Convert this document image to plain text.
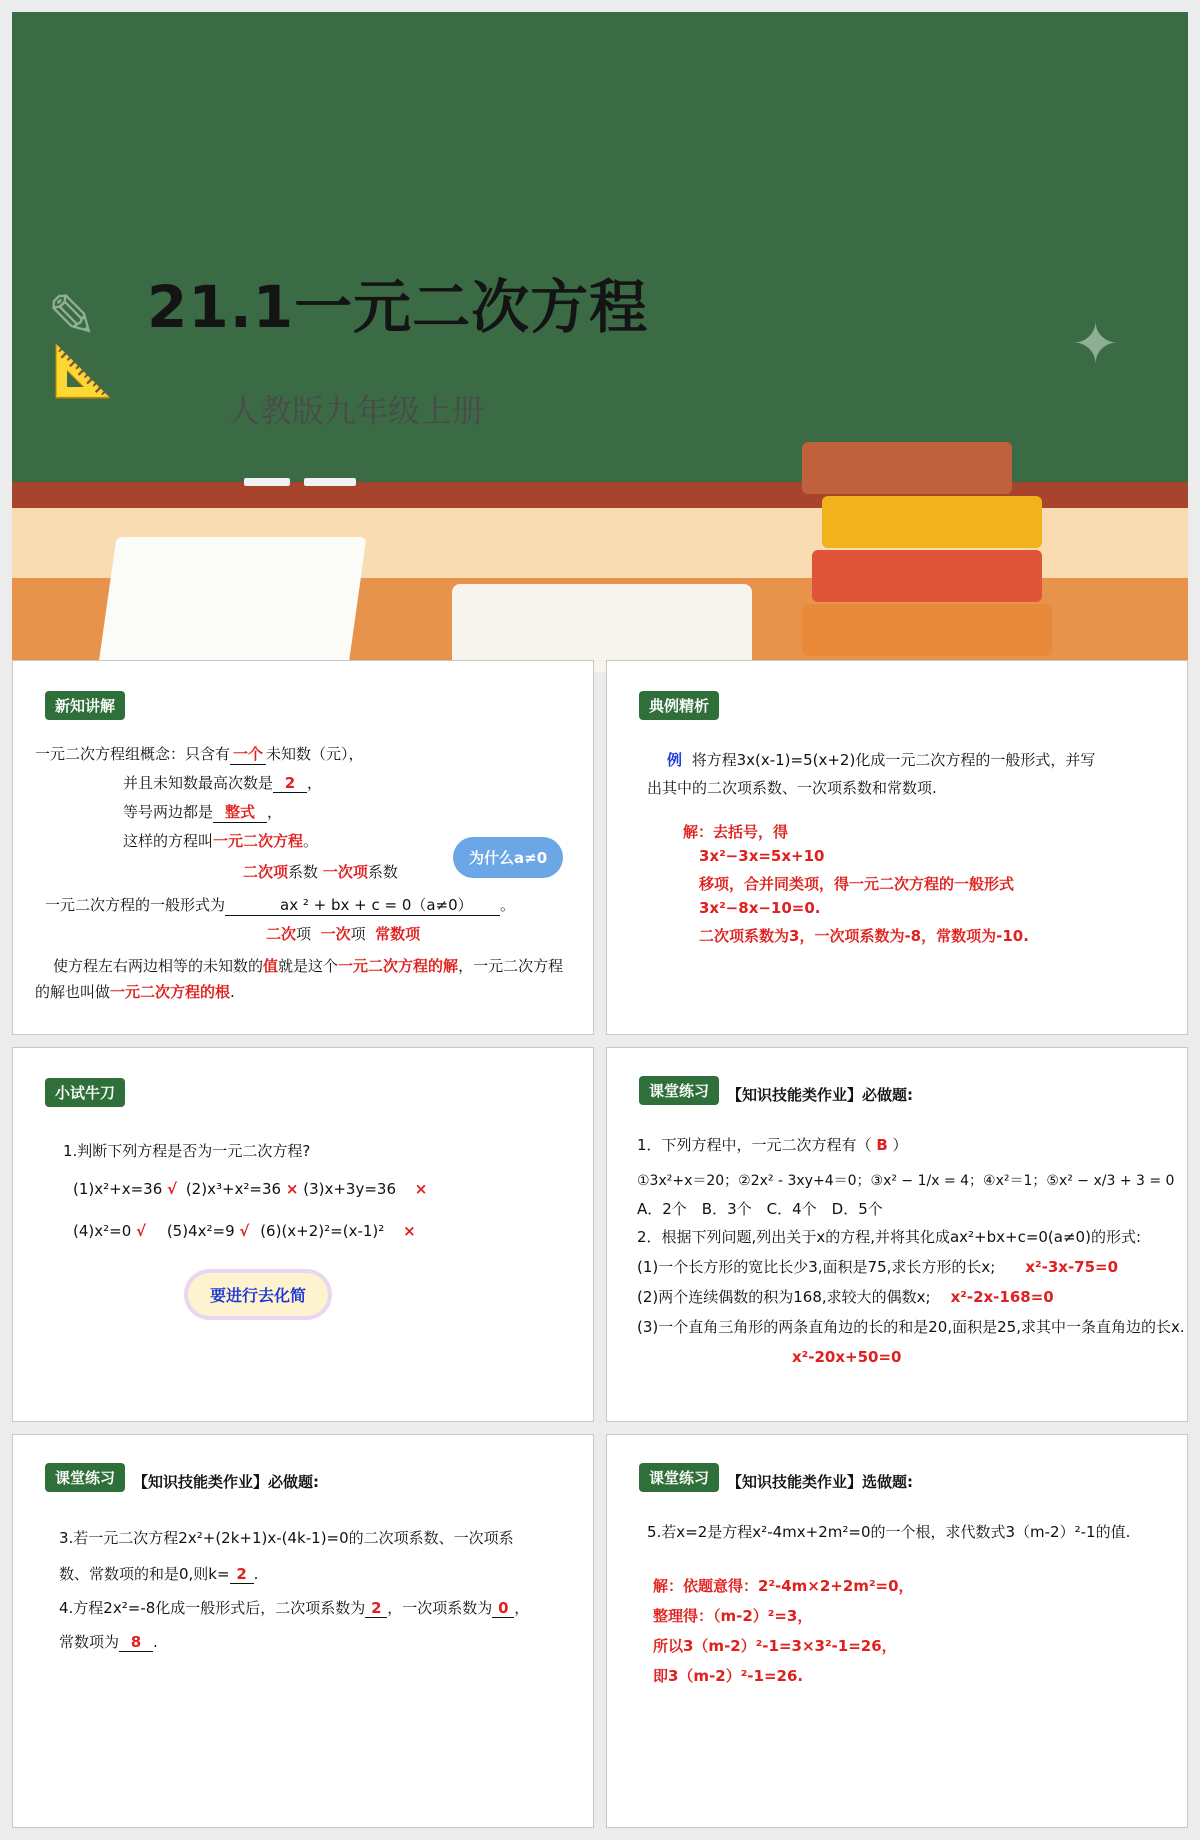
✎
📐	✦
21.1一元二次方程
人教版九年级上册
新知讲解
一元二次方程组概念：只含有 一个 未知数（元），
并且未知数最高次数是 2 ，
等号两边都是 整式 ，
这样的方程叫一元二次方程。
为什么a≠0
二次项系数 一次项系数
一元二次方程的一般形式为	ax ² + bx + c = 0（a≠0） 。
二次项 一次项 常数项
使方程左右两边相等的未知数的值就是这个一元二次方程的解，一元二次方程
的解也叫做一元二次方程的根.
典例精析
例 将方程3x(x-1)=5(x+2)化成一元二次方程的一般形式，并写
出其中的二次项系数、一次项系数和常数项.
解：去括号，得
3x²−3x=5x+10
移项，合并同类项，得一元二次方程的一般形式
3x²−8x−10=0.
二次项系数为3，一次项系数为-8，常数项为-10.
小试牛刀
1.判断下列方程是否为一元二次方程?
(1)x²+x=36 √ (2)x³+x²=36 × (3)x+3y=36 ×
(4)x²=0 √ (5)4x²=9 √ (6)(x+2)²=(x-1)² ×
要进行去化简
课堂练习	【知识技能类作业】必做题:
1．下列方程中，一元二次方程有（ B ）
①3x²+x＝20；②2x² - 3xy+4＝0；③x² − 1/x = 4；④x²＝1；⑤x² − x/3 + 3 = 0
A．2个　B．3个　C．4个　D．5个
2．根据下列问题,列出关于x的方程,并将其化成ax²+bx+c=0(a≠0)的形式:
(1)一个长方形的宽比长少3,面积是75,求长方形的长x; x²-3x-75=0
(2)两个连续偶数的积为168,求较大的偶数x; x²-2x-168=0
(3)一个直角三角形的两条直角边的长的和是20,面积是25,求其中一条直角边的长x.
x²-20x+50=0
课堂练习	【知识技能类作业】必做题:
3.若一元二次方程2x²+(2k+1)x-(4k-1)=0的二次项系数、一次项系
数、常数项的和是0,则k= 2 .
4.方程2x²=-8化成一般形式后，二次项系数为 2 ，一次项系数为 0 ，
常数项为 8 .
课堂练习	【知识技能类作业】选做题:
5.若x=2是方程x²-4mx+2m²=0的一个根，求代数式3（m-2）²-1的值.
解：依题意得：2²-4m×2+2m²=0，
整理得：（m-2）²=3，
所以3（m-2）²-1=3×3²-1=26，
即3（m-2）²-1=26.
